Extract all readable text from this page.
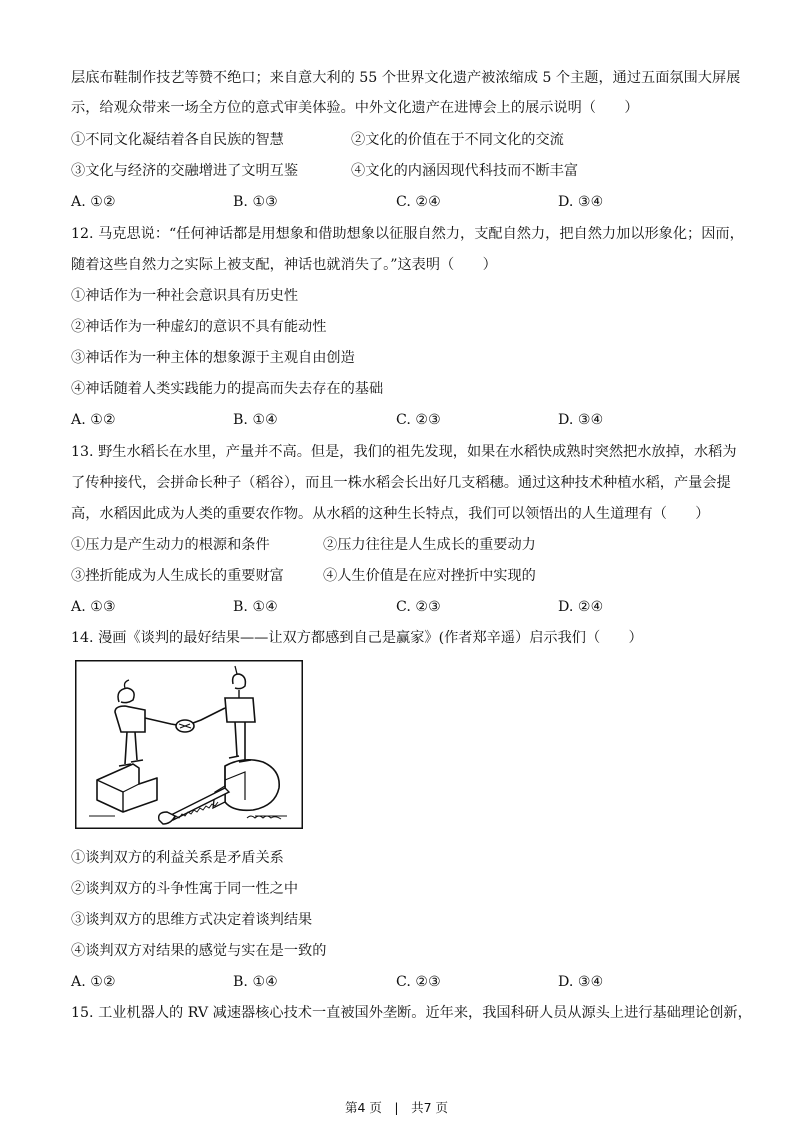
层底布鞋制作技艺等赞不绝口；来自意大利的 55 个世界文化遗产被浓缩成 5 个主题，通过五面氛围大屏展
示，给观众带来一场全方位的意式审美体验。中外文化遗产在进博会上的展示说明（　　）
①不同文化凝结着各自民族的智慧	②文化的价值在于不同文化的交流
③文化与经济的交融增进了文明互鉴	④文化的内涵因现代科技而不断丰富
A. ①②	B. ①③	C. ②④	D. ③④
12. 马克思说：“任何神话都是用想象和借助想象以征服自然力，支配自然力，把自然力加以形象化；因而，
随着这些自然力之实际上被支配，神话也就消失了。”这表明（　　）
①神话作为一种社会意识具有历史性
②神话作为一种虚幻的意识不具有能动性
③神话作为一种主体的想象源于主观自由创造
④神话随着人类实践能力的提高而失去存在的基础
A. ①②	B. ①④	C. ②③	D. ③④
13. 野生水稻长在水里，产量并不高。但是，我们的祖先发现，如果在水稻快成熟时突然把水放掉，水稻为
了传种接代，会拼命长种子（稻谷），而且一株水稻会长出好几支稻穗。通过这种技术种植水稻，产量会提
高，水稻因此成为人类的重要农作物。从水稻的这种生长特点，我们可以领悟出的人生道理有（　　）
①压力是产生动力的根源和条件	②压力往往是人生成长的重要动力
③挫折能成为人生成长的重要财富	④人生价值是在应对挫折中实现的
A. ①③	B. ①④	C. ②③	D. ②④
14. 漫画《谈判的最好结果——让双方都感到自己是赢家》(作者郑辛遥）启示我们（　　）
①谈判双方的利益关系是矛盾关系
②谈判双方的斗争性寓于同一性之中
③谈判双方的思维方式决定着谈判结果
④谈判双方对结果的感觉与实在是一致的
A. ①②	B. ①④	C. ②③	D. ③④
15. 工业机器人的 RV 减速器核心技术一直被国外垄断。近年来，我国科研人员从源头上进行基础理论创新，
第4 页　|　共7 页
